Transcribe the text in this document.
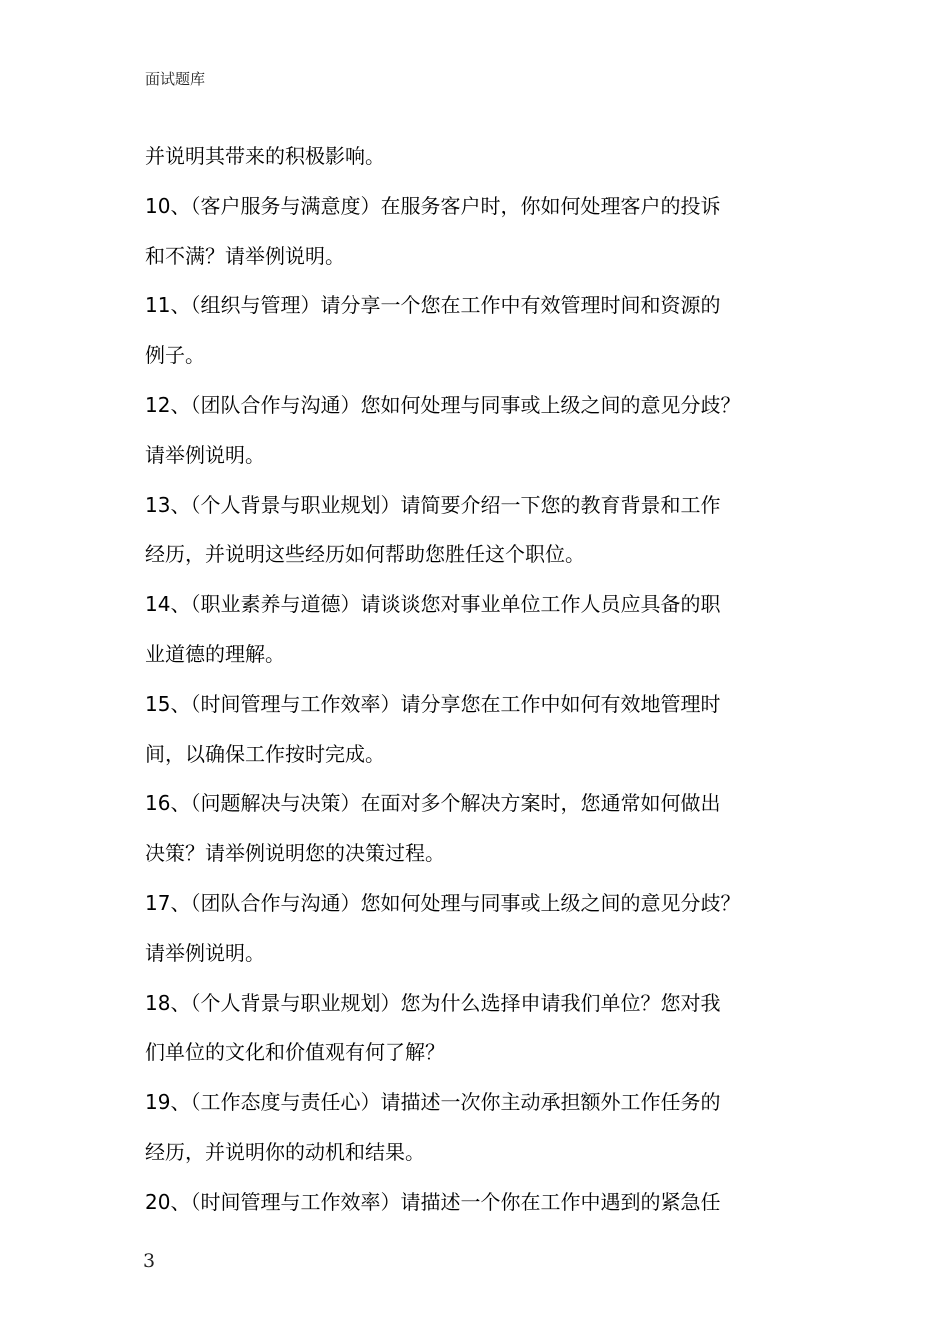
面试题库
并说明其带来的积极影响。
10、（客户服务与满意度）在服务客户时，你如何处理客户的投诉
和不满？请举例说明。
11、（组织与管理）请分享一个您在工作中有效管理时间和资源的
例子。
12、（团队合作与沟通）您如何处理与同事或上级之间的意见分歧？
请举例说明。
13、（个人背景与职业规划）请简要介绍一下您的教育背景和工作
经历，并说明这些经历如何帮助您胜任这个职位。
14、（职业素养与道德）请谈谈您对事业单位工作人员应具备的职
业道德的理解。
15、（时间管理与工作效率）请分享您在工作中如何有效地管理时
间，以确保工作按时完成。
16、（问题解决与决策）在面对多个解决方案时，您通常如何做出
决策？请举例说明您的决策过程。
17、（团队合作与沟通）您如何处理与同事或上级之间的意见分歧？
请举例说明。
18、（个人背景与职业规划）您为什么选择申请我们单位？您对我
们单位的文化和价值观有何了解？
19、（工作态度与责任心）请描述一次你主动承担额外工作任务的
经历，并说明你的动机和结果。
20、（时间管理与工作效率）请描述一个你在工作中遇到的紧急任
3
